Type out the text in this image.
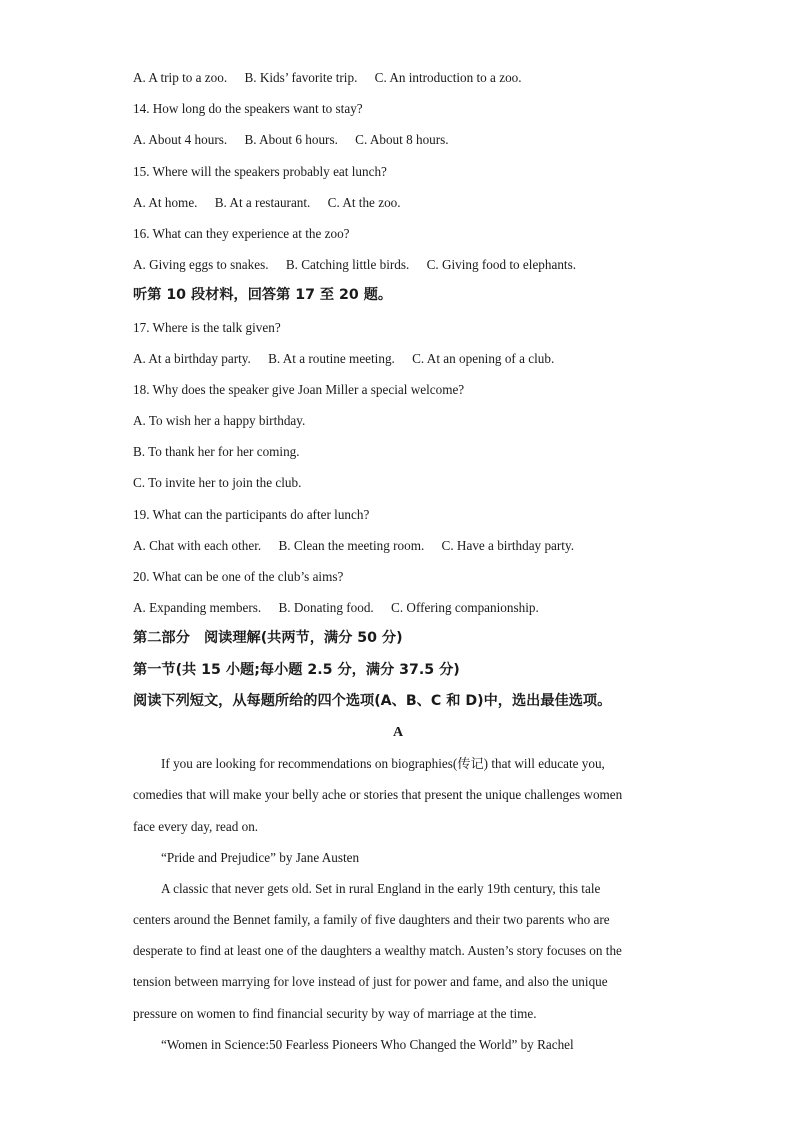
A. A trip to a zoo. B. Kids’ favorite trip. C. An introduction to a zoo.
14. How long do the speakers want to stay?
A. About 4 hours. B. About 6 hours. C. About 8 hours.
15. Where will the speakers probably eat lunch?
A. At home. B. At a restaurant. C. At the zoo.
16. What can they experience at the zoo?
A. Giving eggs to snakes. B. Catching little birds. C. Giving food to elephants.
听第 10 段材料，回答第 17 至 20 题。
17. Where is the talk given?
A. At a birthday party. B. At a routine meeting. C. At an opening of a club.
18. Why does the speaker give Joan Miller a special welcome?
A. To wish her a happy birthday.
B. To thank her for her coming.
C. To invite her to join the club.
19. What can the participants do after lunch?
A. Chat with each other. B. Clean the meeting room. C. Have a birthday party.
20. What can be one of the club’s aims?
A. Expanding members. B. Donating food. C. Offering companionship.
第二部分　阅读理解(共两节，满分 50 分)
第一节(共 15 小题;每小题 2.5 分，满分 37.5 分)
阅读下列短文，从每题所给的四个选项(A、B、C 和 D)中，选出最佳选项。
A
If you are looking for recommendations on biographies(传记) that will educate you,
comedies that will make your belly ache or stories that present the unique challenges women
face every day, read on.
“Pride and Prejudice” by Jane Austen
A classic that never gets old. Set in rural England in the early 19th century, this tale
centers around the Bennet family, a family of five daughters and their two parents who are
desperate to find at least one of the daughters a wealthy match. Austen’s story focuses on the
tension between marrying for love instead of just for power and fame, and also the unique
pressure on women to find financial security by way of marriage at the time.
“Women in Science:50 Fearless Pioneers Who Changed the World” by Rachel
